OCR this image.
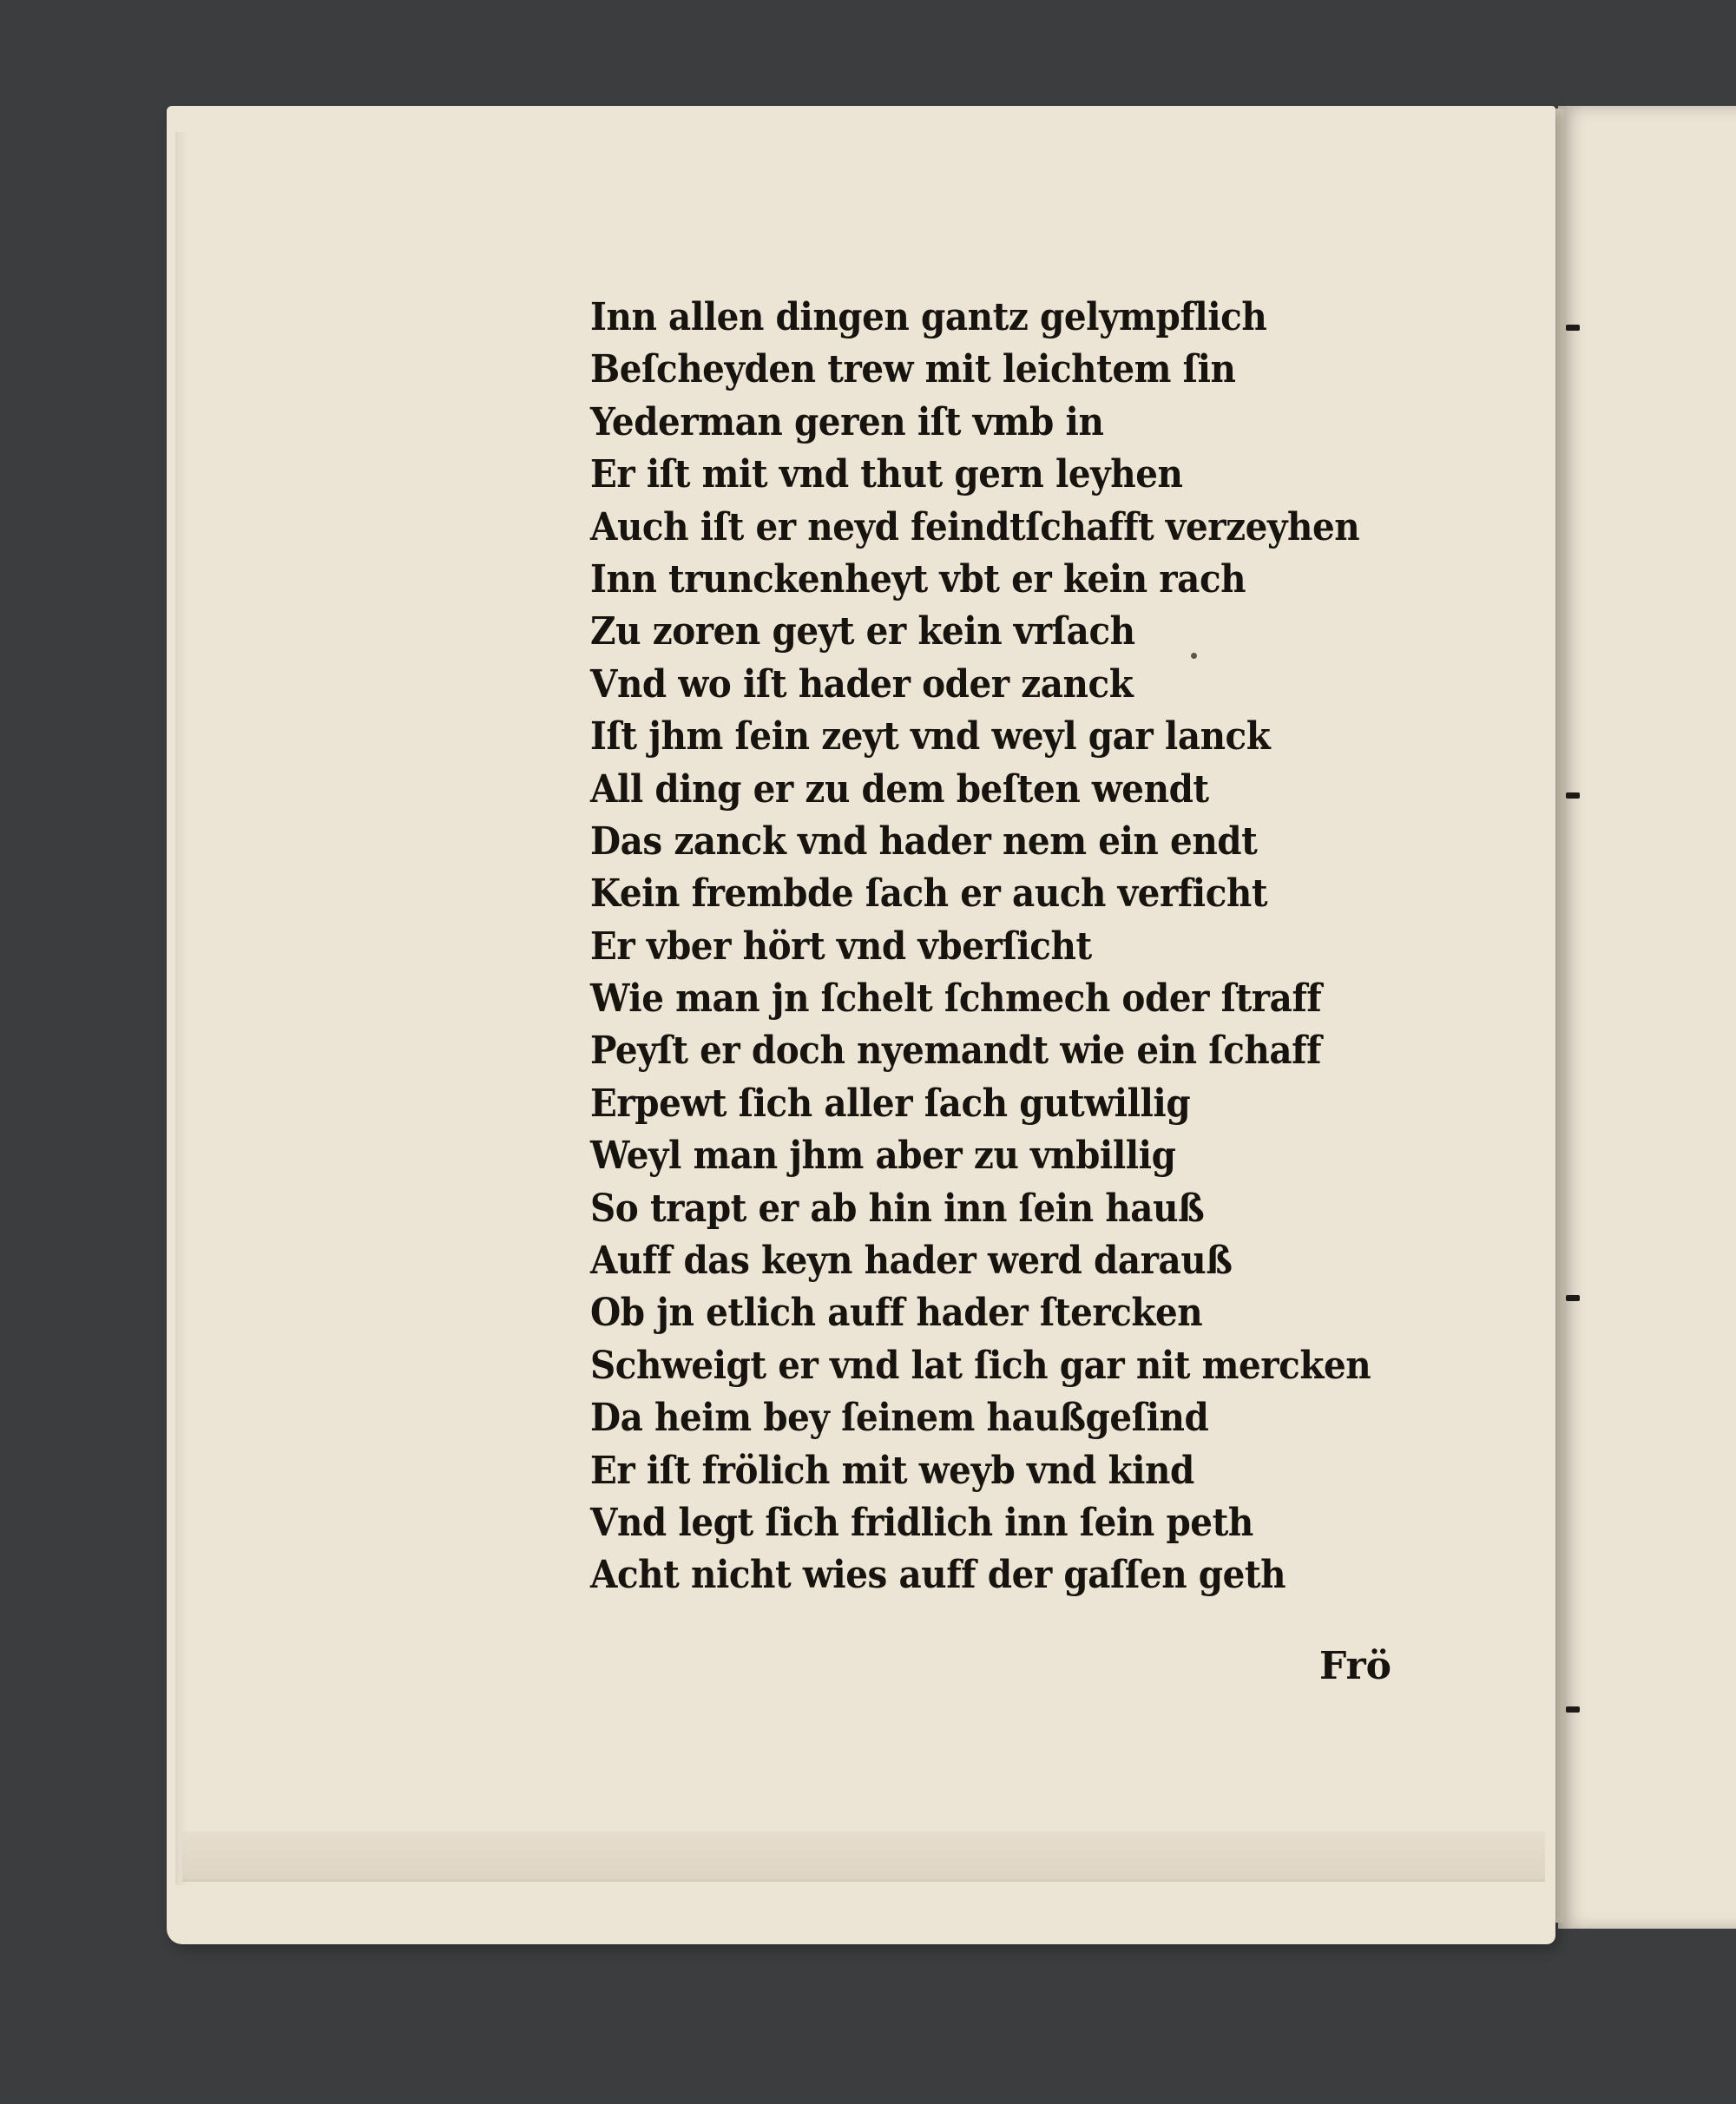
Inn allen dingen gantz gelympflich
Beſcheyden trew mit leichtem ſin
Yederman geren iſt vmb in
Er iſt mit vnd thut gern leyhen
Auch iſt er neyd feindtſchafft verzeyhen
Inn trunckenheyt vbt er kein rach
Zu zoren geyt er kein vrſach
Vnd wo iſt hader oder zanck
Iſt jhm ſein zeyt vnd weyl gar lanck
All ding er zu dem beſten wendt
Das zanck vnd hader nem ein endt
Kein frembde ſach er auch verficht
Er vber hört vnd vberſicht
Wie man jn ſchelt ſchmech oder ſtraff
Peyſt er doch nyemandt wie ein ſchaff
Erpewt ſich aller ſach gutwillig
Weyl man jhm aber zu vnbillig
So trapt er ab hin inn ſein hauß
Auff das keyn hader werd darauß
Ob jn etlich auff hader ſtercken
Schweigt er vnd lat ſich gar nit mercken
Da heim bey ſeinem haußgeſind
Er iſt frölich mit weyb vnd kind
Vnd legt ſich fridlich inn ſein peth
Acht nicht wies auff der gaſſen geth
Frö
